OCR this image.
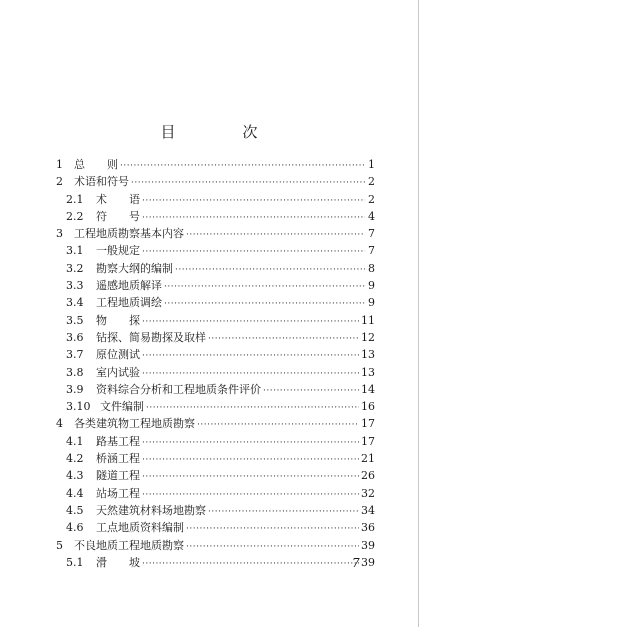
目　次
1	总　　则 ·····	1
2	术语和符号 ·····	2
2.1	术　　语 ·····	2
2.2	符　　号 ·····	4
3	工程地质勘察基本内容 ·····	7
3.1	一般规定 ·····	7
3.2	勘察大纲的编制 ·····	8
3.3	遥感地质解译 ·····	9
3.4	工程地质调绘 ·····	9
3.5	物　　探 ·····	11
3.6	钻探、简易勘探及取样 ·····	12
3.7	原位测试 ·····	13
3.8	室内试验 ·····	13
3.9	资料综合分析和工程地质条件评价 ·····	14
3.10 文件编制 ·····	16
4	各类建筑物工程地质勘察 ·····	17
4.1	路基工程 ·····	17
4.2	桥涵工程 ·····	21
4.3	隧道工程 ·····	26
4.4	站场工程 ·····	32
4.5	天然建筑材料场地勘察 ·····	34
4.6	工点地质资料编制 ·····	36
5	不良地质工程地质勘察 ·····	39
5.1	滑　　坡 ·····	39
7
